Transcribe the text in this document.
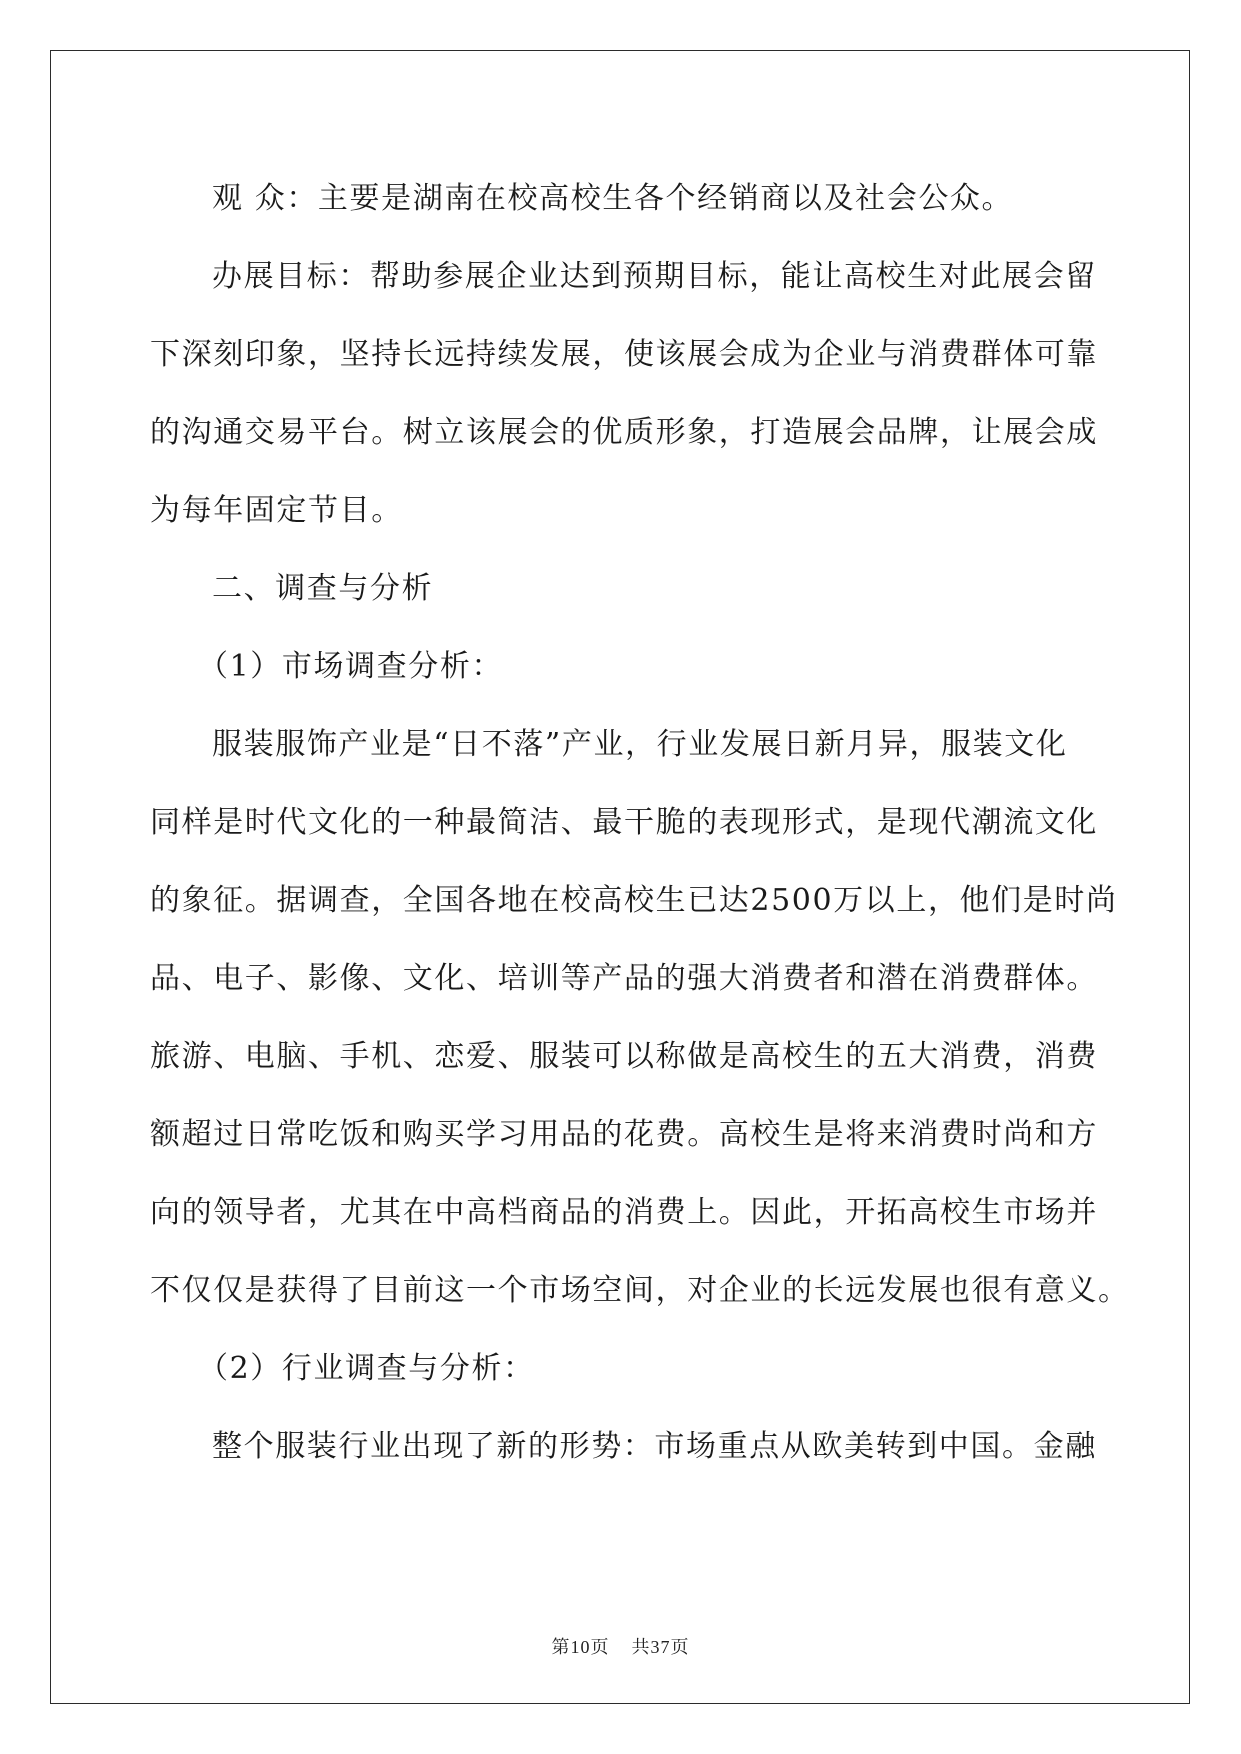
观 众：主要是湖南在校高校生各个经销商以及社会公众。
办展目标：帮助参展企业达到预期目标，能让高校生对此展会留
下深刻印象，坚持长远持续发展，使该展会成为企业与消费群体可靠
的沟通交易平台。树立该展会的优质形象，打造展会品牌，让展会成
为每年固定节目。
二、调查与分析
（1）市场调查分析：
服装服饰产业是“日不落”产业，行业发展日新月异，服装文化
同样是时代文化的一种最简洁、最干脆的表现形式，是现代潮流文化
的象征。据调查，全国各地在校高校生已达2500万以上，他们是时尚
品、电子、影像、文化、培训等产品的强大消费者和潜在消费群体。
旅游、电脑、手机、恋爱、服装可以称做是高校生的五大消费，消费
额超过日常吃饭和购买学习用品的花费。高校生是将来消费时尚和方
向的领导者，尤其在中高档商品的消费上。因此，开拓高校生市场并
不仅仅是获得了目前这一个市场空间，对企业的长远发展也很有意义。
（2）行业调查与分析：
整个服装行业出现了新的形势：市场重点从欧美转到中国。金融
第10页 共37页
